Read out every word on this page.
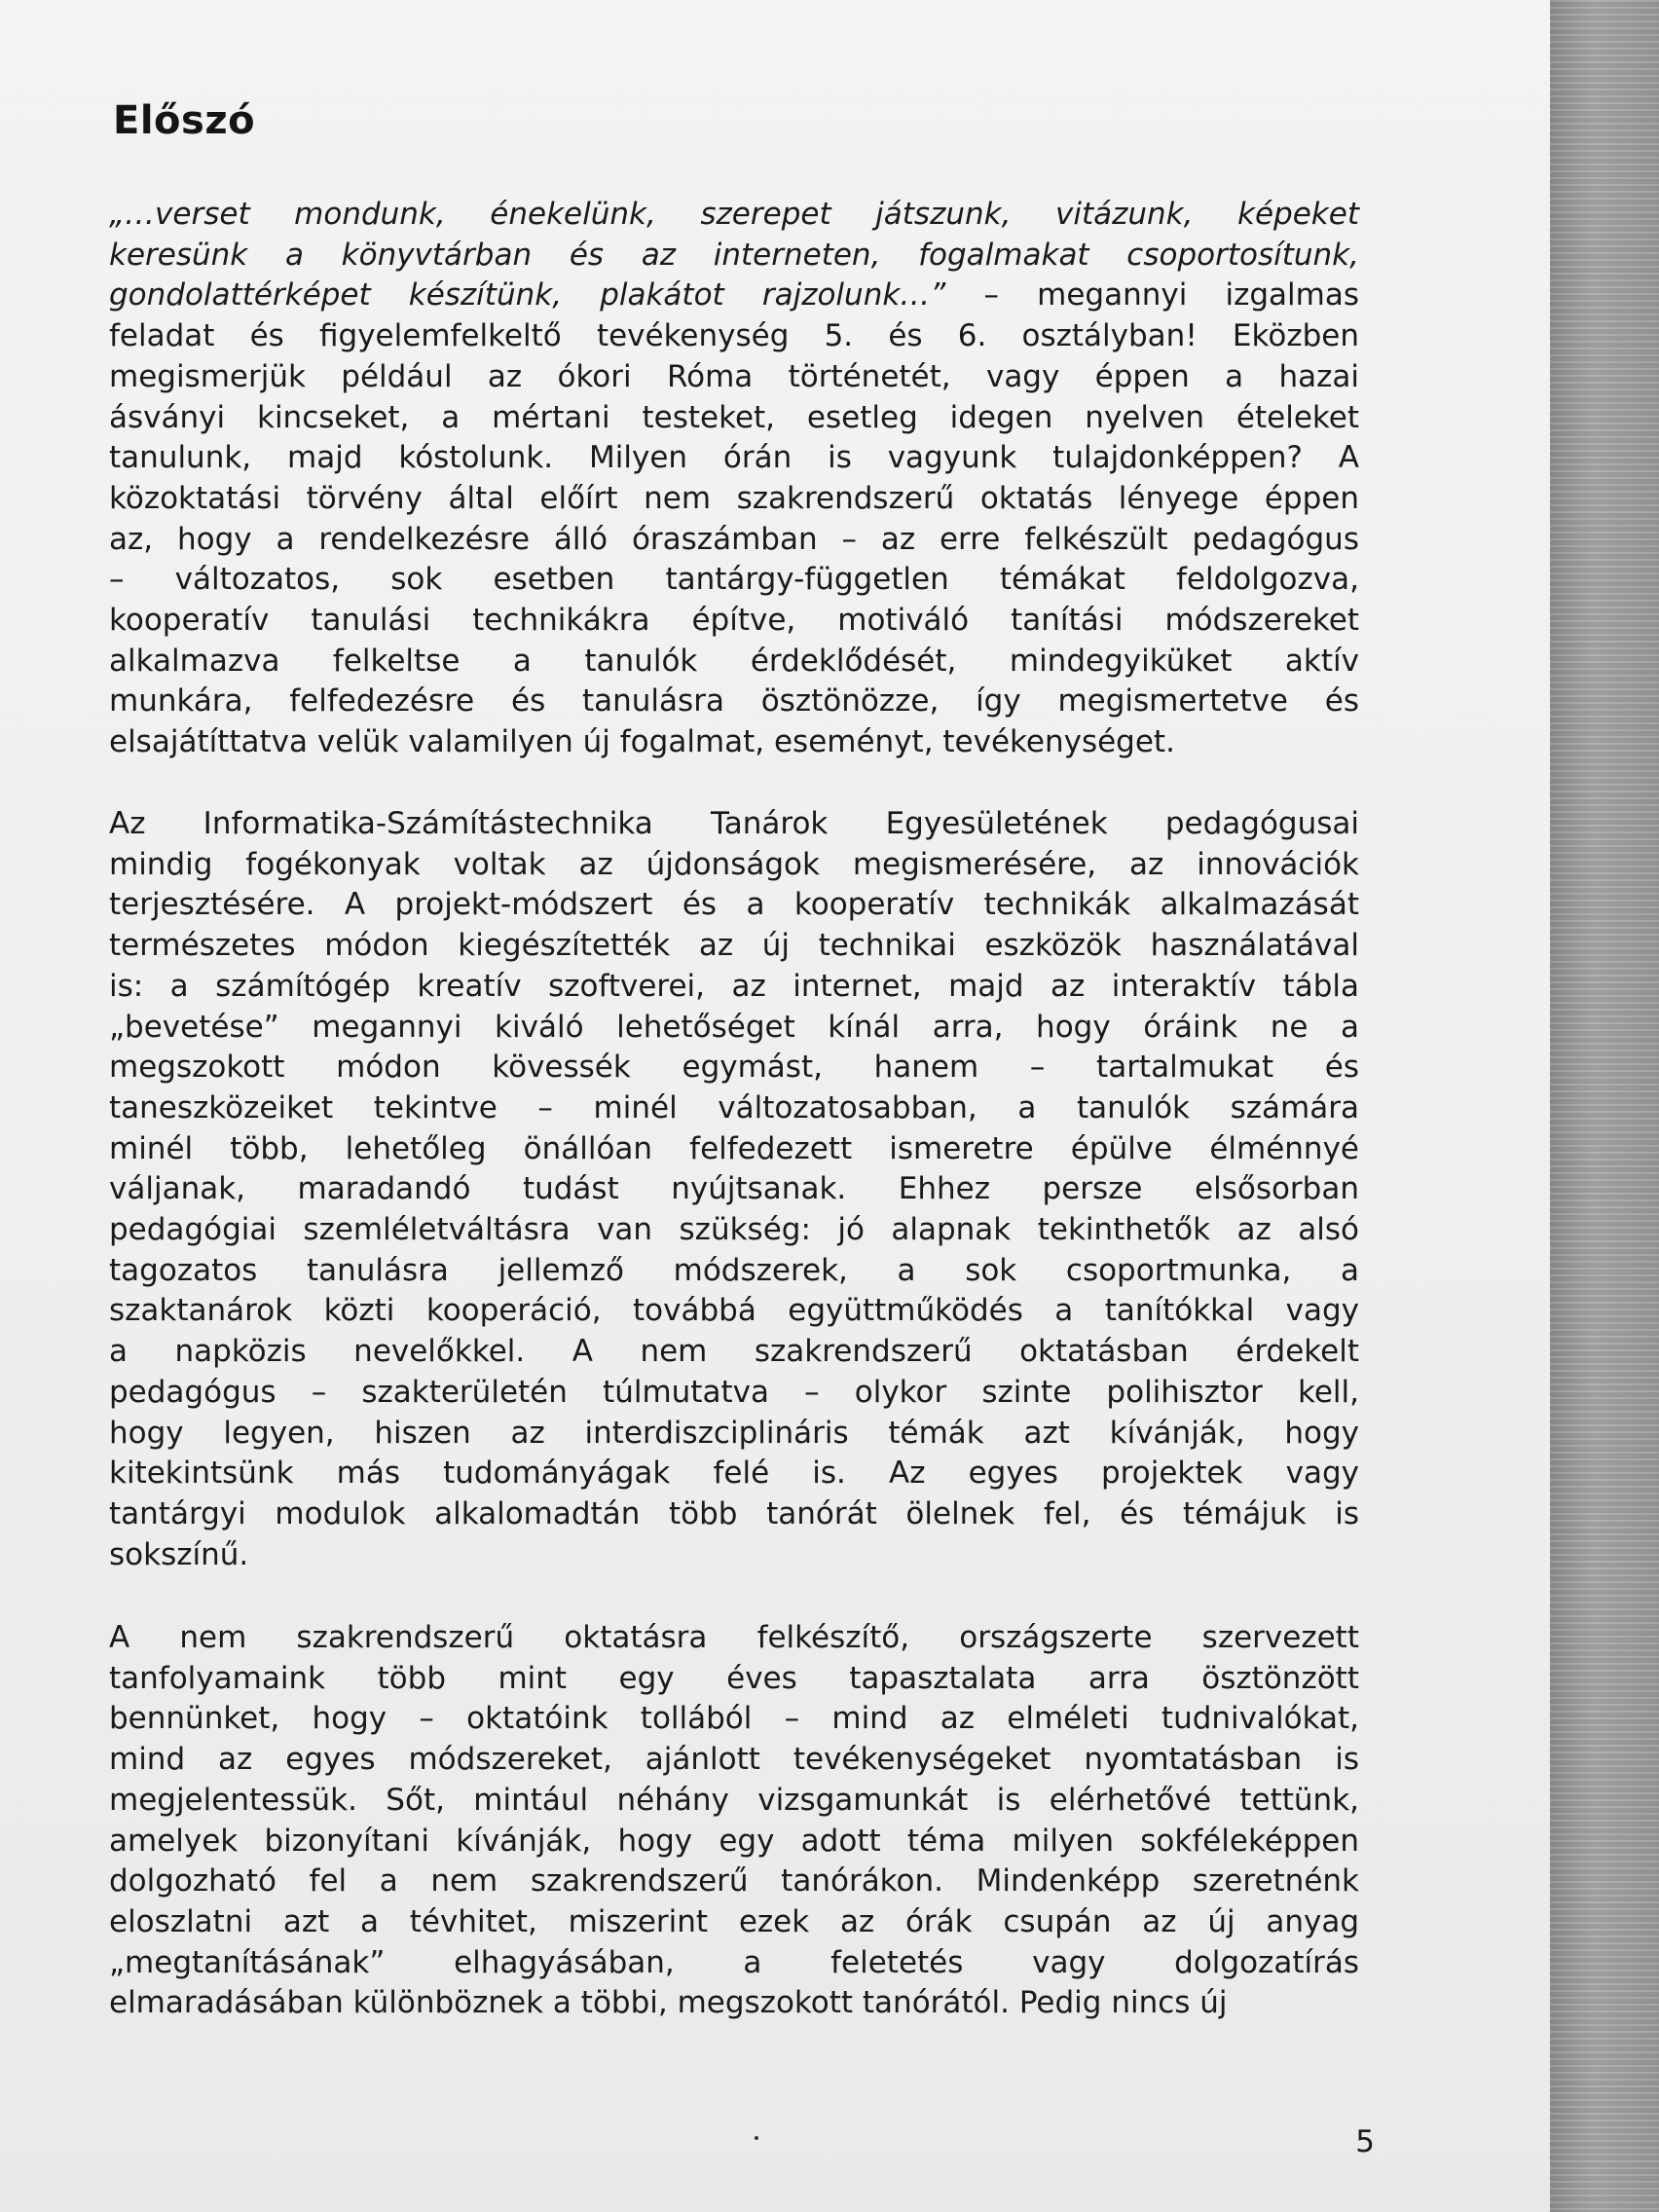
Előszó
„…verset mondunk, énekelünk, szerepet játszunk, vitázunk, képeket
keresünk a könyvtárban és az interneten, fogalmakat csoportosítunk,
gondolattérképet készítünk, plakátot rajzolunk…” – megannyi izgalmas
feladat és figyelemfelkeltő tevékenység 5. és 6. osztályban! Eközben
megismerjük például az ókori Róma történetét, vagy éppen a hazai
ásványi kincseket, a mértani testeket, esetleg idegen nyelven ételeket
tanulunk, majd kóstolunk. Milyen órán is vagyunk tulajdonképpen? A
közoktatási törvény által előírt nem szakrendszerű oktatás lényege éppen
az, hogy a rendelkezésre álló óraszámban – az erre felkészült pedagógus
– változatos, sok esetben tantárgy-független témákat feldolgozva,
kooperatív tanulási technikákra építve, motiváló tanítási módszereket
alkalmazva felkeltse a tanulók érdeklődését, mindegyiküket aktív
munkára, felfedezésre és tanulásra ösztönözze, így megismertetve és
elsajátíttatva velük valamilyen új fogalmat, eseményt, tevékenységet.
Az Informatika-Számítástechnika Tanárok Egyesületének pedagógusai
mindig fogékonyak voltak az újdonságok megismerésére, az innovációk
terjesztésére. A projekt-módszert és a kooperatív technikák alkalmazását
természetes módon kiegészítették az új technikai eszközök használatával
is: a számítógép kreatív szoftverei, az internet, majd az interaktív tábla
„bevetése” megannyi kiváló lehetőséget kínál arra, hogy óráink ne a
megszokott módon kövessék egymást, hanem – tartalmukat és
taneszközeiket tekintve – minél változatosabban, a tanulók számára
minél több, lehetőleg önállóan felfedezett ismeretre épülve élménnyé
váljanak, maradandó tudást nyújtsanak. Ehhez persze elsősorban
pedagógiai szemléletváltásra van szükség: jó alapnak tekinthetők az alsó
tagozatos tanulásra jellemző módszerek, a sok csoportmunka, a
szaktanárok közti kooperáció, továbbá együttműködés a tanítókkal vagy
a napközis nevelőkkel. A nem szakrendszerű oktatásban érdekelt
pedagógus – szakterületén túlmutatva – olykor szinte polihisztor kell,
hogy legyen, hiszen az interdiszciplináris témák azt kívánják, hogy
kitekintsünk más tudományágak felé is. Az egyes projektek vagy
tantárgyi modulok alkalomadtán több tanórát ölelnek fel, és témájuk is
sokszínű.
A nem szakrendszerű oktatásra felkészítő, országszerte szervezett
tanfolyamaink több mint egy éves tapasztalata arra ösztönzött
bennünket, hogy – oktatóink tollából – mind az elméleti tudnivalókat,
mind az egyes módszereket, ajánlott tevékenységeket nyomtatásban is
megjelentessük. Sőt, mintául néhány vizsgamunkát is elérhetővé tettünk,
amelyek bizonyítani kívánják, hogy egy adott téma milyen sokféleképpen
dolgozható fel a nem szakrendszerű tanórákon. Mindenképp szeretnénk
eloszlatni azt a tévhitet, miszerint ezek az órák csupán az új anyag
„megtanításának” elhagyásában, a feletetés vagy dolgozatírás
elmaradásában különböznek a többi, megszokott tanórától. Pedig nincs új
5
